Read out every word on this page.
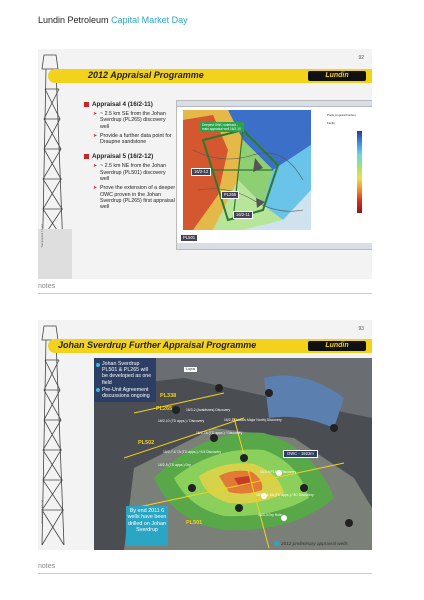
Lundin Petroleum Capital Market Day
Well proposal J.S. 4-5
92
2012 Appraisal Programme	Lundin
Appraisal 4 (16/2-11)
➤ ~ 2.5 km SE from the Johan Sverdrup (PL265) discovery well
➤ Provide a further data point for Draupne sandstone
Appraisal 5 (16/2-12)
➤ ~ 2.5 km NE from the Johan Sverdrup (PL501) discovery well
➤ Prove the extension of a deeper OWC proven in the Johan Sverdrup (PL265) first appraisal well
Deepest OWC sidetrack - main appraisal well 16/2-10
16/2-12
PL265
16/2-11
PL501
Prelik proposal borders
Faults
notes
Well proposal J.S. 1-6
93
Johan Sverdrup Further Appraisal Programme	Lundin
Lupus
PL338
PL265
PL502
PL501
16/2-5 (Aldous Major North) Discovery
16/2-7A (TD apps.) / Discovery
16/2-10 (TD apps.) / Discovery
16/2-7 & 7A (TD apps.) / 5.5 Discovery
16/2-5 (TD apps.) Dry
16/2-6 & 6A (TD apps.) / 8C Discovery
16/3-2 (Avaldsnes) Discovery
16/3-4 PL501 Discovery
16/3-3 Dry Hole
OWC - 1922m
Johan Sverdrup PL501 & PL265 will be developed as one field
Pre-Unit Agreement discussions ongoing
By end 2011 6 wells have been drilled on Johan Sverdrup
2012 preliminary appraisal wells
notes
